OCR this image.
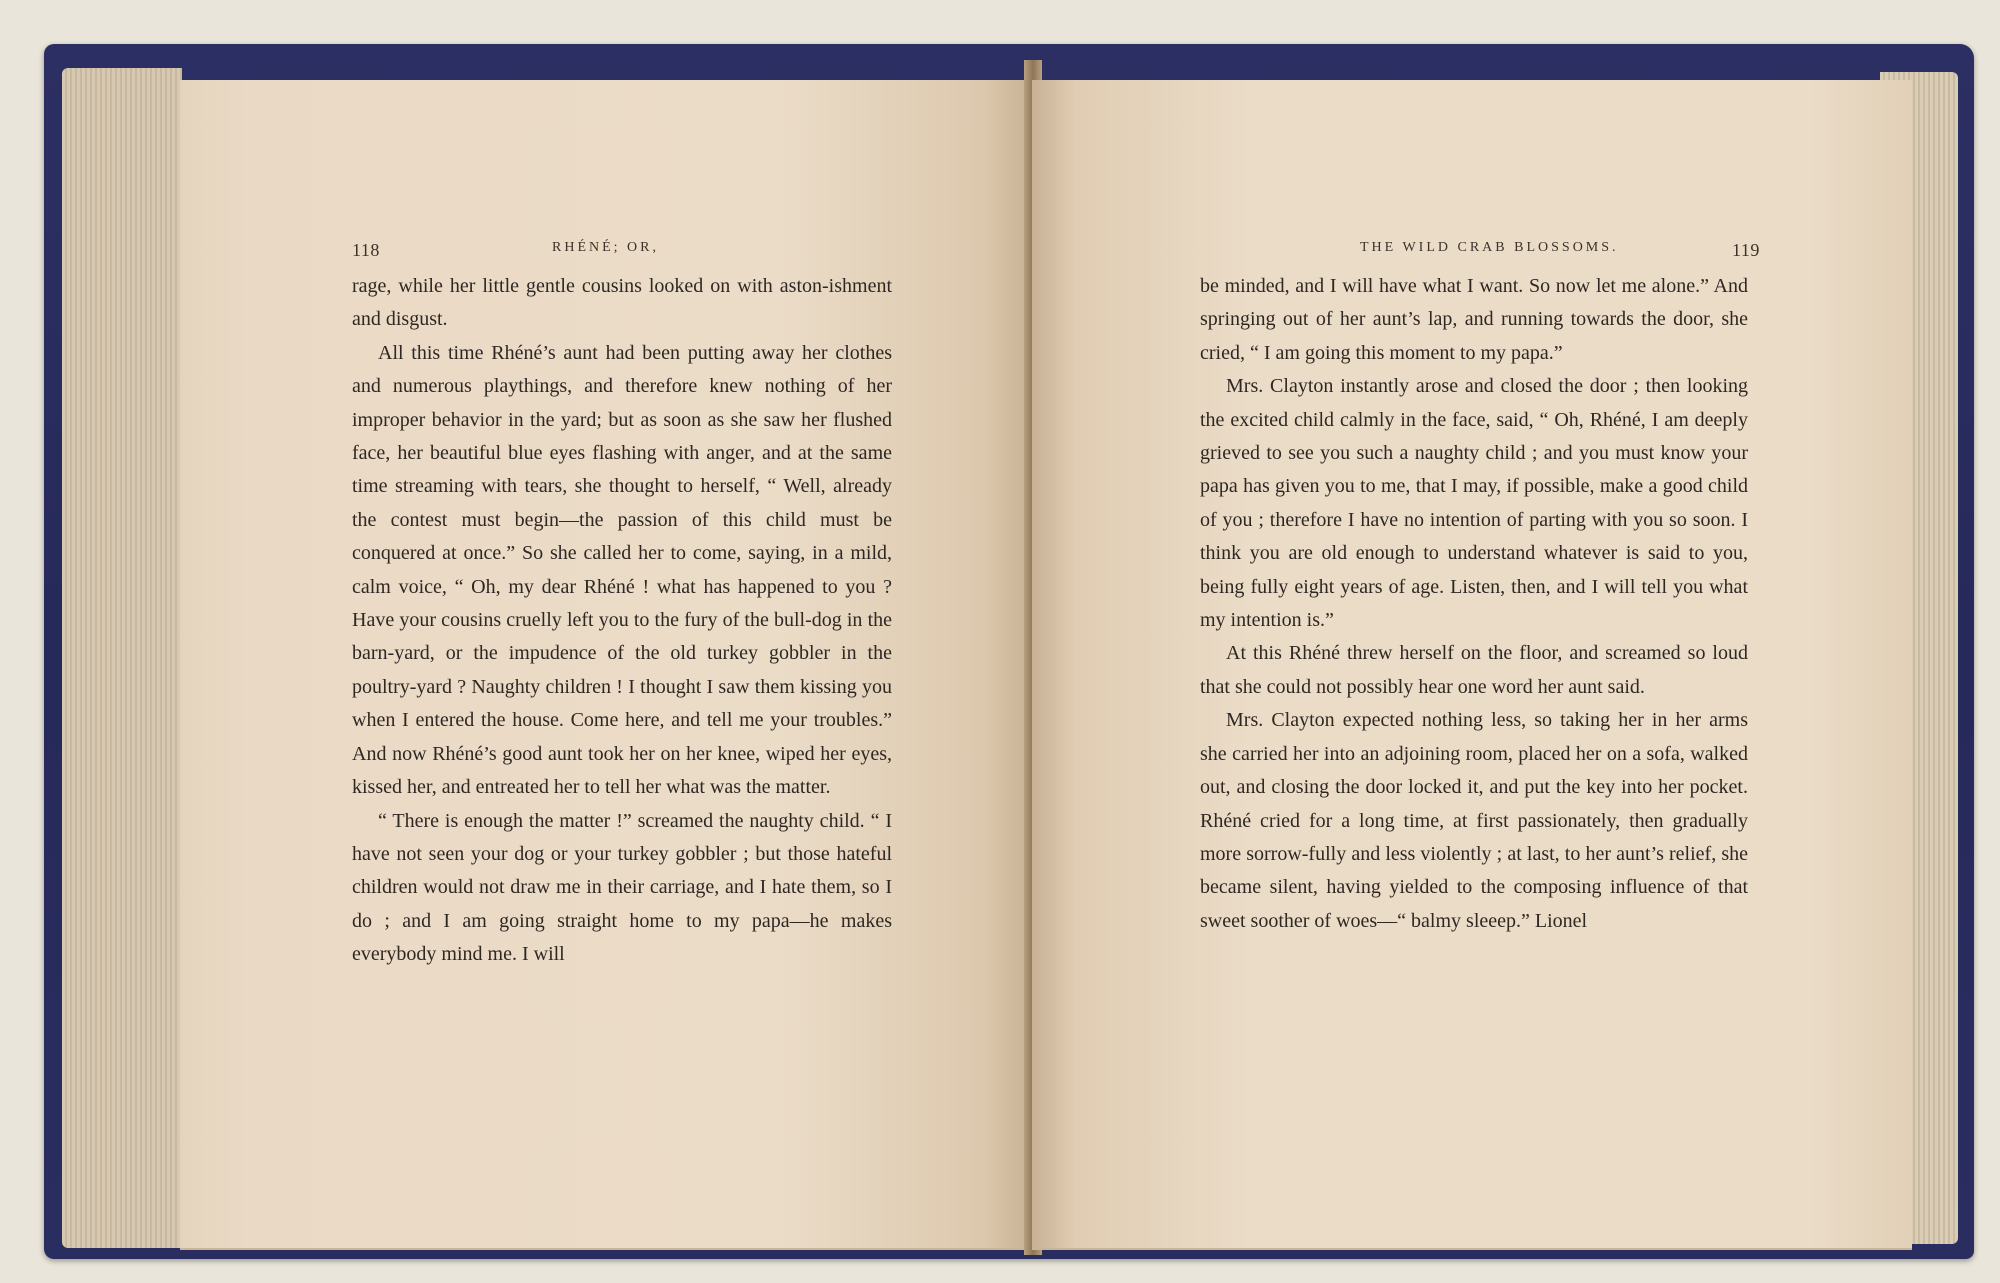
118	RHÉNÉ; OR,

rage, while her little gentle cousins looked on with aston-ishment and disgust.

All this time Rhéné’s aunt had been putting away her clothes and numerous playthings, and therefore knew nothing of her improper behavior in the yard; but as soon as she saw her flushed face, her beautiful blue eyes flashing with anger, and at the same time streaming with tears, she thought to herself, “ Well, already the contest must begin—the passion of this child must be conquered at once.” So she called her to come, saying, in a mild, calm voice, “ Oh, my dear Rhéné ! what has happened to you ? Have your cousins cruelly left you to the fury of the bull-dog in the barn-yard, or the impudence of the old turkey gobbler in the poultry-yard ? Naughty children ! I thought I saw them kissing you when I entered the house. Come here, and tell me your troubles.” And now Rhéné’s good aunt took her on her knee, wiped her eyes, kissed her, and entreated her to tell her what was the matter.

“ There is enough the matter !” screamed the naughty child. “ I have not seen your dog or your turkey gobbler ; but those hateful children would not draw me in their carriage, and I hate them, so I do ; and I am going straight home to my papa—he makes everybody mind me. I will

THE WILD CRAB BLOSSOMS.	119

be minded, and I will have what I want. So now let me alone.” And springing out of her aunt’s lap, and running towards the door, she cried, “ I am going this moment to my papa.”

Mrs. Clayton instantly arose and closed the door ; then looking the excited child calmly in the face, said, “ Oh, Rhéné, I am deeply grieved to see you such a naughty child ; and you must know your papa has given you to me, that I may, if possible, make a good child of you ; therefore I have no intention of parting with you so soon. I think you are old enough to understand whatever is said to you, being fully eight years of age. Listen, then, and I will tell you what my intention is.”

At this Rhéné threw herself on the floor, and screamed so loud that she could not possibly hear one word her aunt said.

Mrs. Clayton expected nothing less, so taking her in her arms she carried her into an adjoining room, placed her on a sofa, walked out, and closing the door locked it, and put the key into her pocket. Rhéné cried for a long time, at first passionately, then gradually more sorrow-fully and less violently ; at last, to her aunt’s relief, she became silent, having yielded to the composing influence of that sweet soother of woes—“ balmy sleeep.” Lionel
